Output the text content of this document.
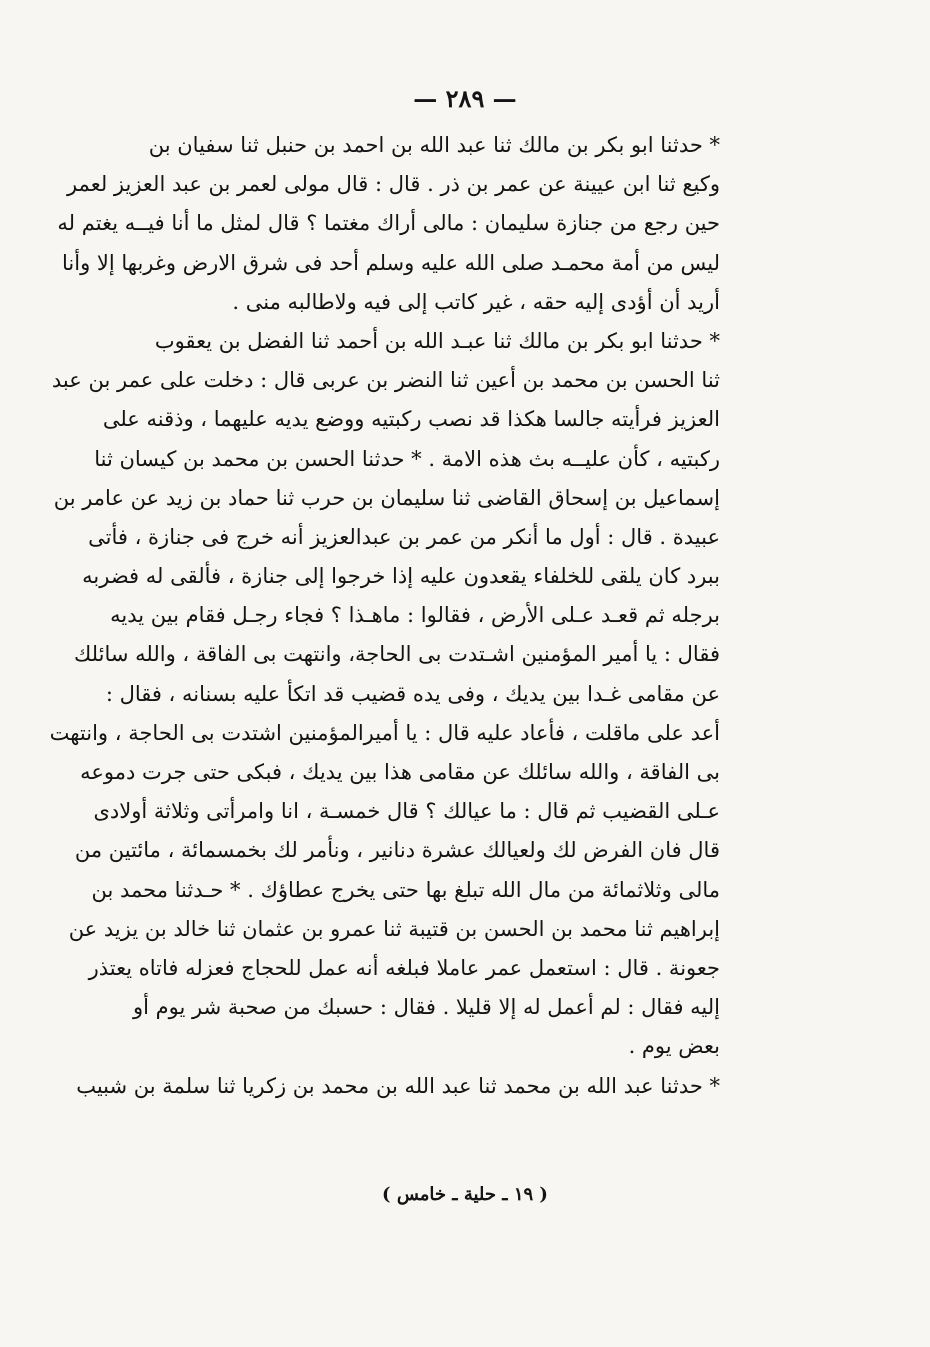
— ٢٨٩ —
* حدثنا ابو بكر بن مالك ثنا عبد الله بن احمد بن حنبل ثنا سفيان بن
وكيع ثنا ابن عيينة عن عمر بن ذر . قال : قال مولى لعمر بن عبد العزيز لعمر
حين رجع من جنازة سليمان : مالى أراك مغتما ؟ قال لمثل ما أنا فيــه يغتم له
ليس من أمة محمـد صلى الله عليه وسلم أحد فى شرق الارض وغربها إلا وأنا
أريد أن أؤدى إليه حقه ، غير كاتب إلى فيه ولاطالبه منى .
* حدثنا ابو بكر بن مالك ثنا عبـد الله بن أحمد ثنا الفضل بن يعقوب
ثنا الحسن بن محمد بن أعين ثنا النضر بن عربى قال : دخلت على عمر بن عبد
العزيز فرأيته جالسا هكذا قد نصب ركبتيه ووضع يديه عليهما ، وذقنه على
ركبتيه ، كأن عليــه بث هذه الامة . * حدثنا الحسن بن محمد بن كيسان ثنا
إسماعيل بن إسحاق القاضى ثنا سليمان بن حرب ثنا حماد بن زيد عن عامر بن
عبيدة . قال : أول ما أنكر من عمر بن عبدالعزيز أنه خرج فى جنازة ، فأتى
ببرد كان يلقى للخلفاء يقعدون عليه إذا خرجوا إلى جنازة ، فألقى له فضربه
برجله ثم قعـد عـلى الأرض ، فقالوا : ماهـذا ؟ فجاء رجـل فقام بين يديه
فقال : يا أمير المؤمنين اشـتدت بى الحاجة، وانتهت بى الفاقة ، والله سائلك
عن مقامى غـدا بين يديك ، وفى يده قضيب قد اتكأ عليه بسنانه ، فقال :
أعد على ماقلت ، فأعاد عليه قال : يا أميرالمؤمنين اشتدت بى الحاجة ، وانتهت
بى الفاقة ، والله سائلك عن مقامى هذا بين يديك ، فبكى حتى جرت دموعه
عـلى القضيب ثم قال : ما عيالك ؟ قال خمسـة ، انا وامرأتى وثلاثة أولادى
قال فان الفرض لك ولعيالك عشرة دنانير ، ونأمر لك بخمسمائة ، مائتين من
مالى وثلاثمائة من مال الله تبلغ بها حتى يخرج عطاؤك . * حـدثنا محمد بن
إبراهيم ثنا محمد بن الحسن بن قتيبة ثنا عمرو بن عثمان ثنا خالد بن يزيد عن
جعونة . قال : استعمل عمر عاملا فبلغه أنه عمل للحجاج فعزله فاتاه يعتذر
إليه فقال : لم أعمل له إلا قليلا . فقال : حسبك من صحبة شر يوم أو
بعض يوم .
* حدثنا عبد الله بن محمد ثنا عبد الله بن محمد بن زكريا ثنا سلمة بن شبيب
( ١٩ ـ حلية ـ خامس )
